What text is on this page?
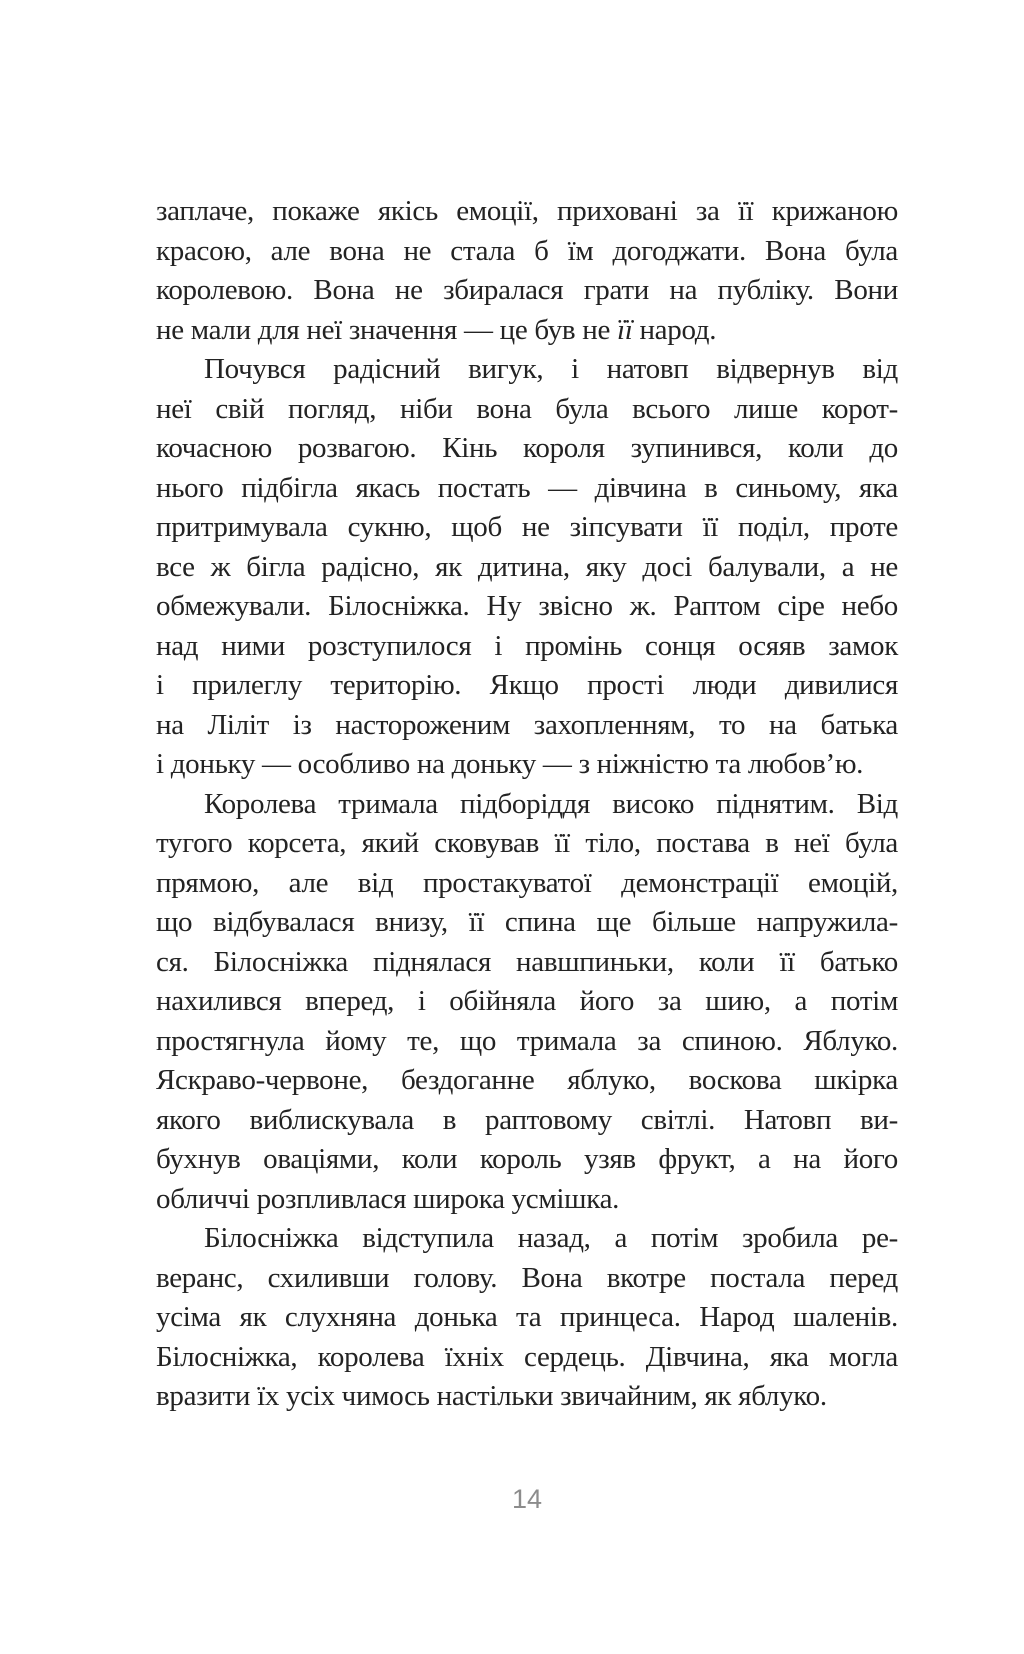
заплаче, покаже якісь емоції, приховані за її крижаною
красою, але вона не стала б їм догоджати. Вона була
королевою. Вона не збиралася грати на публіку. Вони
не мали для неї значення — це був не її народ.
Почувся радісний вигук, і натовп відвернув від
неї свій погляд, ніби вона була всього лише корот-
кочасною розвагою. Кінь короля зупинився, коли до
нього підбігла якась постать — дівчина в синьому, яка
притримувала сукню, щоб не зіпсувати її поділ, проте
все ж бігла радісно, як дитина, яку досі балували, а не
обмежували. Білосніжка. Ну звісно ж. Раптом сіре небо
над ними розступилося і промінь сонця осяяв замок
і прилеглу територію. Якщо прості люди дивилися
на Ліліт із настороженим захопленням, то на батька
і доньку — особливо на доньку — з ніжністю та любов’ю.
Королева тримала підборіддя високо піднятим. Від
тугого корсета, який сковував її тіло, постава в неї була
прямою, але від простакуватої демонстрації емоцій,
що відбувалася внизу, її спина ще більше напружила-
ся. Білосніжка піднялася навшпиньки, коли її батько
нахилився вперед, і обійняла його за шию, а потім
простягнула йому те, що тримала за спиною. Яблуко.
Яскраво-червоне, бездоганне яблуко, воскова шкірка
якого виблискувала в раптовому світлі. Натовп ви-
бухнув оваціями, коли король узяв фрукт, а на його
обличчі розпливлася широка усмішка.
Білосніжка відступила назад, а потім зробила ре-
веранс, схиливши голову. Вона вкотре постала перед
усіма як слухняна донька та принцеса. Народ шаленів.
Білосніжка, королева їхніх сердець. Дівчина, яка могла
вразити їх усіх чимось настільки звичайним, як яблуко.
14
